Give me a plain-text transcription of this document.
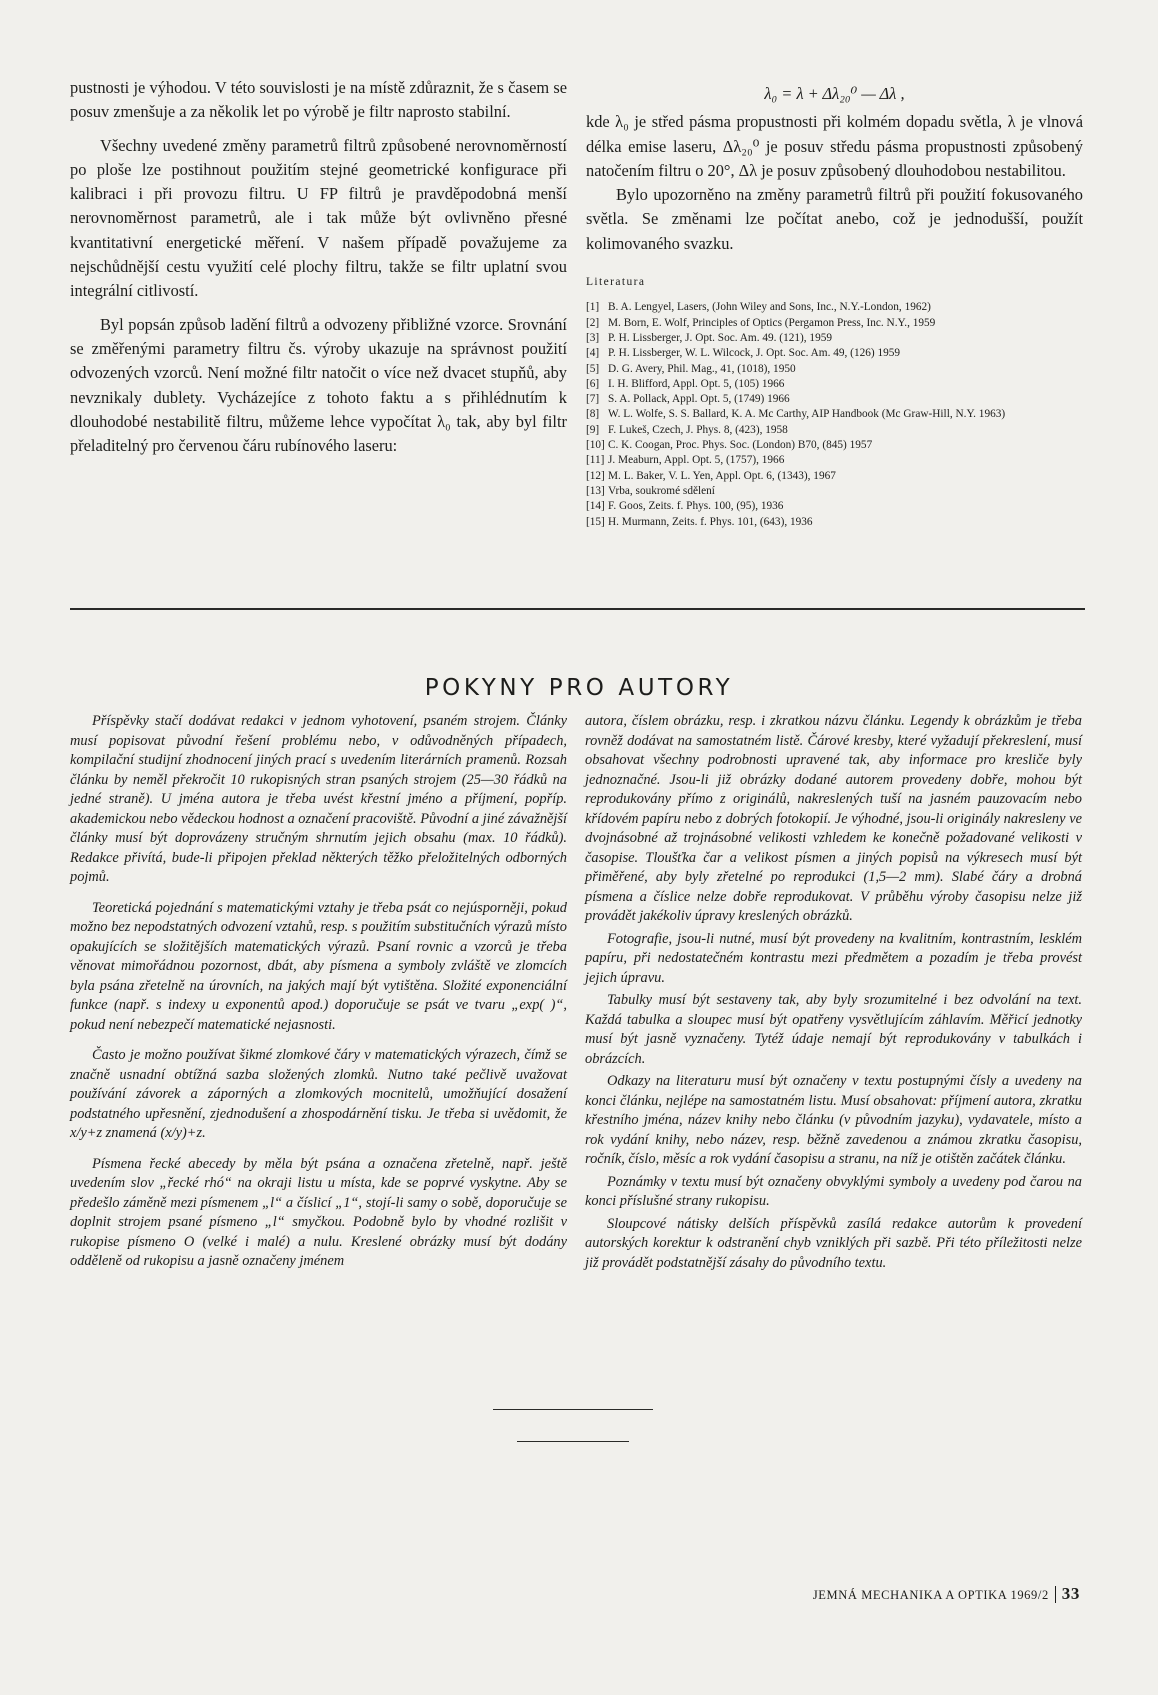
pustnosti je výhodou. V této souvislosti je na místě zdůraznit, že s časem se posuv zmenšuje a za několik let po výrobě je filtr naprosto stabilní.

Všechny uvedené změny parametrů filtrů způsobené nerovnoměrností po ploše lze postihnout použitím stejné geometrické konfigurace při kalibraci i při provozu filtru. U FP filtrů je pravděpodobná menší nerovnoměrnost parametrů, ale i tak může být ovlivněno přesné kvantitativní energetické měření. V našem případě považujeme za nejschůdnější cestu využití celé plochy filtru, takže se filtr uplatní svou integrální citlivostí.

Byl popsán způsob ladění filtrů a odvozeny přibližné vzorce. Srovnání se změřenými parametry filtru čs. výroby ukazuje na správnost použití odvozených vzorců. Není možné filtr natočit o více než dvacet stupňů, aby nevznikaly dublety. Vycházejíce z tohoto faktu a s přihlédnutím k dlouhodobé nestabilitě filtru, můžeme lehce vypočítat λ₀ tak, aby byl filtr přeladitelný pro červenou čáru rubínového laseru:

λ₀ = λ + Δλ₂₀⁰ — Δλ ,

kde λ₀ je střed pásma propustnosti při kolmém dopadu světla, λ je vlnová délka emise laseru, Δλ₂₀⁰ je posuv středu pásma propustnosti způsobený natočením filtru o 20°, Δλ je posuv způsobený dlouhodobou nestabilitou.

Bylo upozorněno na změny parametrů filtrů při použití fokusovaného světla. Se změnami lze počítat anebo, což je jednodušší, použít kolimovaného svazku.

Literatura
[1] B. A. Lengyel, Lasers, (John Wiley and Sons, Inc., N.Y.-London, 1962)
[2] M. Born, E. Wolf, Principles of Optics (Pergamon Press, Inc. N.Y., 1959
[3] P. H. Lissberger, J. Opt. Soc. Am. 49. (121), 1959
[4] P. H. Lissberger, W. L. Wilcock, J. Opt. Soc. Am. 49, (126) 1959
[5] D. G. Avery, Phil. Mag., 41, (1018), 1950
[6] I. H. Blifford, Appl. Opt. 5, (105) 1966
[7] S. A. Pollack, Appl. Opt. 5, (1749) 1966
[8] W. L. Wolfe, S. S. Ballard, K. A. Mc Carthy, AIP Handbook (Mc Graw-Hill, N.Y. 1963)
[9] F. Lukeš, Czech, J. Phys. 8, (423), 1958
[10] C. K. Coogan, Proc. Phys. Soc. (London) B70, (845) 1957
[11] J. Meaburn, Appl. Opt. 5, (1757), 1966
[12] M. L. Baker, V. L. Yen, Appl. Opt. 6, (1343), 1967
[13] Vrba, soukromé sdělení
[14] F. Goos, Zeits. f. Phys. 100, (95), 1936
[15] H. Murmann, Zeits. f. Phys. 101, (643), 1936
POKYNY PRO AUTORY

Příspěvky stačí dodávat redakci v jednom vyhotovení, psaném strojem. Články musí popisovat původní řešení problému nebo, v odůvodněných případech, kompilační studijní zhodnocení jiných prací s uvedením literárních pramenů. Rozsah článku by neměl překročit 10 rukopisných stran psaných strojem (25—30 řádků na jedné straně). U jména autora je třeba uvést křestní jméno a příjmení, popříp. akademickou nebo vědeckou hodnost a označení pracoviště. Původní a jiné závažnější články musí být doprovázeny stručným shrnutím jejich obsahu (max. 10 řádků). Redakce přivítá, bude-li připojen překlad některých těžko přeložitelných odborných pojmů.

Teoretická pojednání s matematickými vztahy je třeba psát co nejúsporněji, pokud možno bez nepodstatných odvození vztahů, resp. s použitím substitučních výrazů místo opakujících se složitějších matematických výrazů. Psaní rovnic a vzorců je třeba věnovat mimořádnou pozornost, dbát, aby písmena a symboly zvláště ve zlomcích byla psána zřetelně na úrovních, na jakých mají být vytištěna. Složité exponenciální funkce (např. s indexy u exponentů apod.) doporučuje se psát ve tvaru „exp( )“, pokud není nebezpečí matematické nejasnosti.

Často je možno používat šikmé zlomkové čáry v matematických výrazech, čímž se značně usnadní obtížná sazba složených zlomků. Nutno také pečlivě uvažovat používání závorek a záporných a zlomkových mocnitelů, umožňující dosažení podstatného upřesnění, zjednodušení a zhospodárnění tisku. Je třeba si uvědomit, že x/y+z znamená (x/y)+z.

Písmena řecké abecedy by měla být psána a označena zřetelně, např. ještě uvedením slov „řecké rhó“ na okraji listu u místa, kde se poprvé vyskytne. Aby se předešlo záměně mezi písmenem „l“ a číslicí „1“, stojí-li samy o sobě, doporučuje se doplnit strojem psané písmeno „l“ smyčkou. Podobně bylo by vhodné rozlišit v rukopise písmeno O (velké i malé) a nulu. Kreslené obrázky musí být dodány odděleně od rukopisu a jasně označeny jménem

autora, číslem obrázku, resp. i zkratkou názvu článku. Legendy k obrázkům je třeba rovněž dodávat na samostatném listě. Čárové kresby, které vyžadují překreslení, musí obsahovat všechny podrobnosti upravené tak, aby informace pro kresliče byly jednoznačné. Jsou-li již obrázky dodané autorem provedeny dobře, mohou být reprodukovány přímo z originálů, nakreslených tuší na jasném pauzovacím nebo křídovém papíru nebo z dobrých fotokopií. Je výhodné, jsou-li originály nakresleny ve dvojnásobné až trojnásobné velikosti vzhledem ke konečně požadované velikosti v časopise. Tloušťka čar a velikost písmen a jiných popisů na výkresech musí být přiměřené, aby byly zřetelné po reprodukci (1,5—2 mm). Slabé čáry a drobná písmena a číslice nelze dobře reprodukovat. V průběhu výroby časopisu nelze již provádět jakékoliv úpravy kreslených obrázků.

Fotografie, jsou-li nutné, musí být provedeny na kvalitním, kontrastním, lesklém papíru, při nedostatečném kontrastu mezi předmětem a pozadím je třeba provést jejich úpravu.

Tabulky musí být sestaveny tak, aby byly srozumitelné i bez odvolání na text. Každá tabulka a sloupec musí být opatřeny vysvětlujícím záhlavím. Měřicí jednotky musí být jasně vyznačeny. Tytéž údaje nemají být reprodukovány v tabulkách i obrázcích.

Odkazy na literaturu musí být označeny v textu postupnými čísly a uvedeny na konci článku, nejlépe na samostatném listu. Musí obsahovat: příjmení autora, zkratku křestního jména, název knihy nebo článku (v původním jazyku), vydavatele, místo a rok vydání knihy, nebo název, resp. běžně zavedenou a známou zkratku časopisu, ročník, číslo, měsíc a rok vydání časopisu a stranu, na níž je otištěn začátek článku.

Poznámky v textu musí být označeny obvyklými symboly a uvedeny pod čarou na konci příslušné strany rukopisu.

Sloupcové nátisky delších příspěvků zasílá redakce autorům k provedení autorských korektur k odstranění chyb vzniklých při sazbě. Při této příležitosti nelze již provádět podstatnější zásahy do původního textu.

JEMNÁ MECHANIKA A OPTIKA 1969/2 33
